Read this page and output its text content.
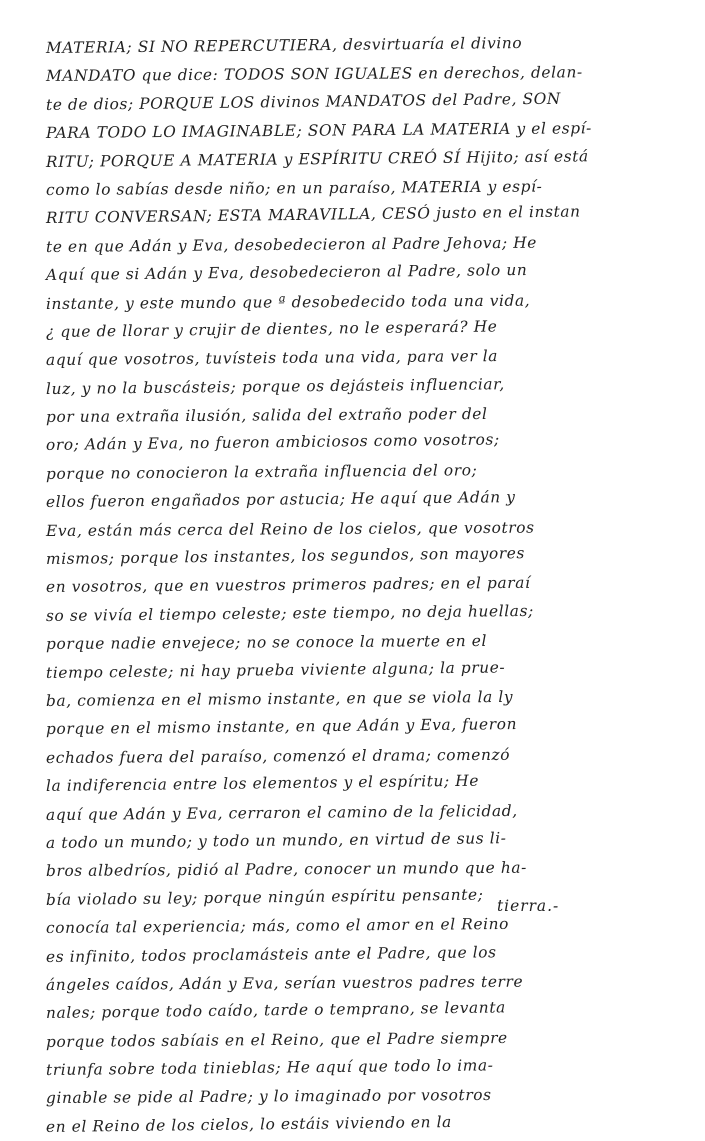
MATERIA; SI NO REPERCUTIERA, desvirtuaría el divino
MANDATO que dice: TODOS SON IGUALES en derechos, delan-
te de dios; PORQUE LOS divinos MANDATOS del Padre, SON
PARA TODO LO IMAGINABLE; SON PARA LA MATERIA y el espí-
RITU; PORQUE A MATERIA y ESPÍRITU CREÓ SÍ Hijito; así está
como lo sabías desde niño; en un paraíso, MATERIA y espí-
RITU CONVERSAN; ESTA MARAVILLA, CESÓ justo en el instan
te en que Adán y Eva, desobedecieron al Padre Jehova; He
Aquí que si Adán y Eva, desobedecieron al Padre, solo un
instante, y este mundo que ª desobedecido toda una vida,
¿ que de llorar y crujir de dientes, no le esperará? He
aquí que vosotros, tuvísteis toda una vida, para ver la
luz, y no la buscásteis; porque os dejásteis influenciar,
por una extraña ilusión, salida del extraño poder del
oro; Adán y Eva, no fueron ambiciosos como vosotros;
porque no conocieron la extraña influencia del oro;
ellos fueron engañados por astucia; He aquí que Adán y
Eva, están más cerca del Reino de los cielos, que vosotros
mismos; porque los instantes, los segundos, son mayores
en vosotros, que en vuestros primeros padres; en el paraí
so se vivía el tiempo celeste; este tiempo, no deja huellas;
porque nadie envejece; no se conoce la muerte en el
tiempo celeste; ni hay prueba viviente alguna; la prue-
ba, comienza en el mismo instante, en que se viola la ly
porque en el mismo instante, en que Adán y Eva, fueron
echados fuera del paraíso, comenzó el drama; comenzó
la indiferencia entre los elementos y el espíritu; He
aquí que Adán y Eva, cerraron el camino de la felicidad,
a todo un mundo; y todo un mundo, en virtud de sus li-
bros albedríos, pidió al Padre, conocer un mundo que ha-
bía violado su ley; porque ningún espíritu pensante;
conocía tal experiencia; más, como el amor en el Reino
es infinito, todos proclamásteis ante el Padre, que los
ángeles caídos, Adán y Eva, serían vuestros padres terre
nales; porque todo caído, tarde o temprano, se levanta
porque todos sabíais en el Reino, que el Padre siempre
triunfa sobre toda tinieblas; He aquí que todo lo ima-
ginable se pide al Padre; y lo imaginado por vosotros
en el Reino de los cielos, lo estáis viviendo en la
tierra.-
